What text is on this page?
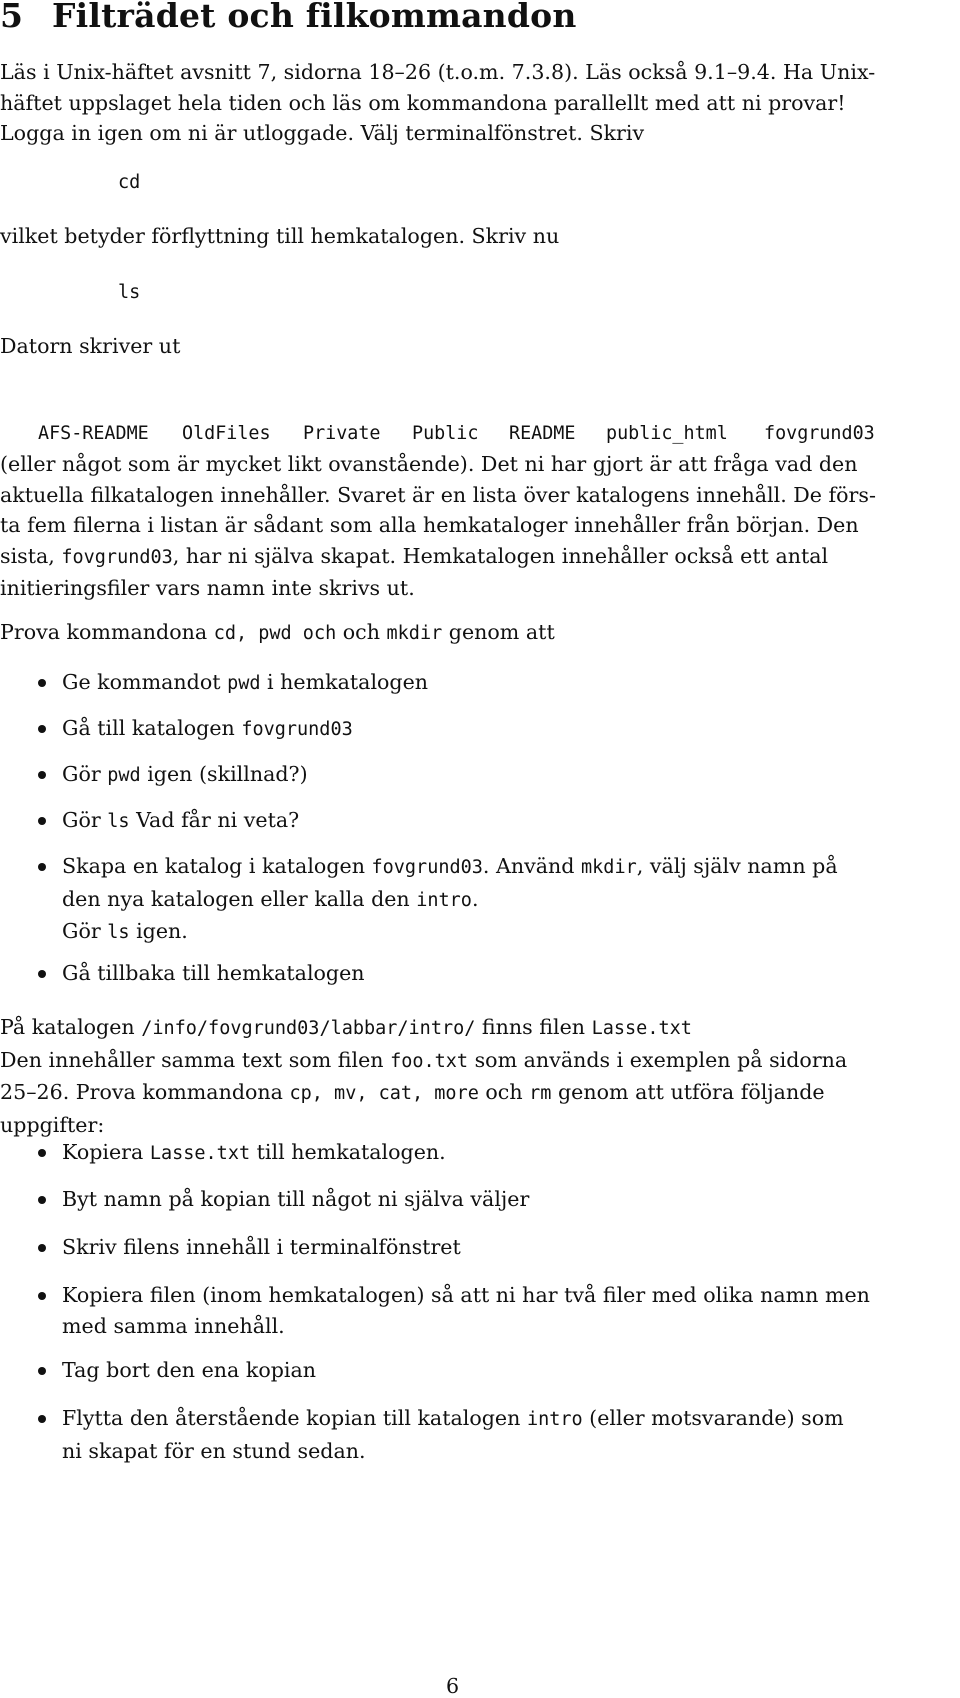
5 Filträdet och filkommandon
Läs i Unix-häftet avsnitt 7, sidorna 18–26 (t.o.m. 7.3.8). Läs också 9.1–9.4. Ha Unix-
häftet uppslaget hela tiden och läs om kommandona parallellt med att ni provar!
Logga in igen om ni är utloggade. Välj terminalfönstret. Skriv
cd
vilket betyder förflyttning till hemkatalogen. Skriv nu
ls
Datorn skriver ut
AFS-README OldFiles Private Public README public_html fovgrund03
(eller något som är mycket likt ovanstående). Det ni har gjort är att fråga vad den
aktuella filkatalogen innehåller. Svaret är en lista över katalogens innehåll. De förs-
ta fem filerna i listan är sådant som alla hemkataloger innehåller från början. Den
sista, fovgrund03, har ni själva skapat. Hemkatalogen innehåller också ett antal
initieringsfiler vars namn inte skrivs ut.
Prova kommandona cd, pwd och och mkdir genom att
Ge kommandot pwd i hemkatalogen
Gå till katalogen fovgrund03
Gör pwd igen (skillnad?)
Gör ls Vad får ni veta?
Skapa en katalog i katalogen fovgrund03. Använd mkdir, välj själv namn på
den nya katalogen eller kalla den intro.
Gör ls igen.
Gå tillbaka till hemkatalogen
På katalogen /info/fovgrund03/labbar/intro/ finns filen Lasse.txt
Den innehåller samma text som filen foo.txt som används i exemplen på sidorna
25–26. Prova kommandona cp, mv, cat, more och rm genom att utföra följande
uppgifter:
Kopiera Lasse.txt till hemkatalogen.
Byt namn på kopian till något ni själva väljer
Skriv filens innehåll i terminalfönstret
Kopiera filen (inom hemkatalogen) så att ni har två filer med olika namn men
med samma innehåll.
Tag bort den ena kopian
Flytta den återstående kopian till katalogen intro (eller motsvarande) som
ni skapat för en stund sedan.
6
